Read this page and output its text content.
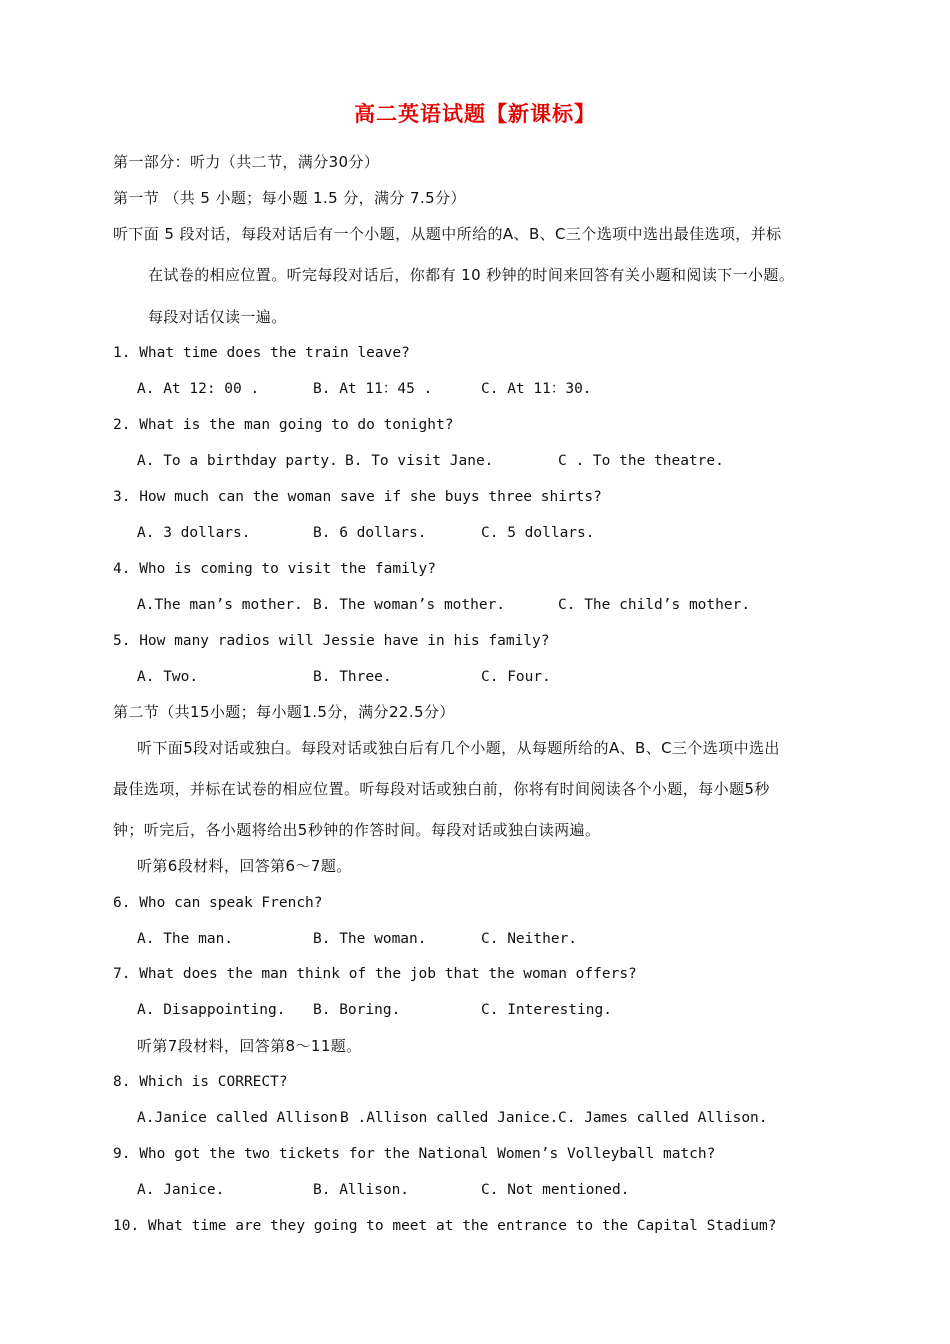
高二英语试题【新课标】
第一部分：听力（共二节，满分30分）
第一节 （共 5 小题；每小题 1.5 分，满分 7.5分）
听下面 5 段对话，每段对话后有一个小题，从题中所给的A、B、C三个选项中选出最佳选项，并标
在试卷的相应位置。听完每段对话后，你都有 10 秒钟的时间来回答有关小题和阅读下一小题。
每段对话仅读一遍。
1. What time does the train leave?
A. At 12: 00 .	B. At 11：45 .	C. At 11：30.
2. What is the man going to do tonight?
A. To a birthday party. B. To visit Jane.	C . To the theatre.
3. How much can the woman save if she buys three shirts?
A. 3 dollars.	B. 6 dollars.	C. 5 dollars.
4. Who is coming to visit the family?
A.The man’s mother. B. The woman’s mother.	C. The child’s mother.
5. How many radios will Jessie have in his family?
A. Two.	B. Three.	C. Four.
第二节（共15小题；每小题1.5分，满分22.5分）
听下面5段对话或独白。每段对话或独白后有几个小题，从每题所给的A、B、C三个选项中选出
最佳选项，并标在试卷的相应位置。听每段对话或独白前，你将有时间阅读各个小题，每小题5秒
钟；听完后，各小题将给出5秒钟的作答时间。每段对话或独白读两遍。
听第6段材料，回答第6～7题。
6. Who can speak French?
A. The man.	B. The woman.	C. Neither.
7. What does the man think of the job that the woman offers?
A. Disappointing. B. Boring.	C. Interesting.
听第7段材料，回答第8～11题。
8. Which is CORRECT?
A.Janice called Allison.
B .Allison called Janice. C. James called Allison.
9. Who got the two tickets for the National Women’s Volleyball match?
A. Janice.	B. Allison.	C. Not mentioned.
10. What time are they going to meet at the entrance to the Capital Stadium?
